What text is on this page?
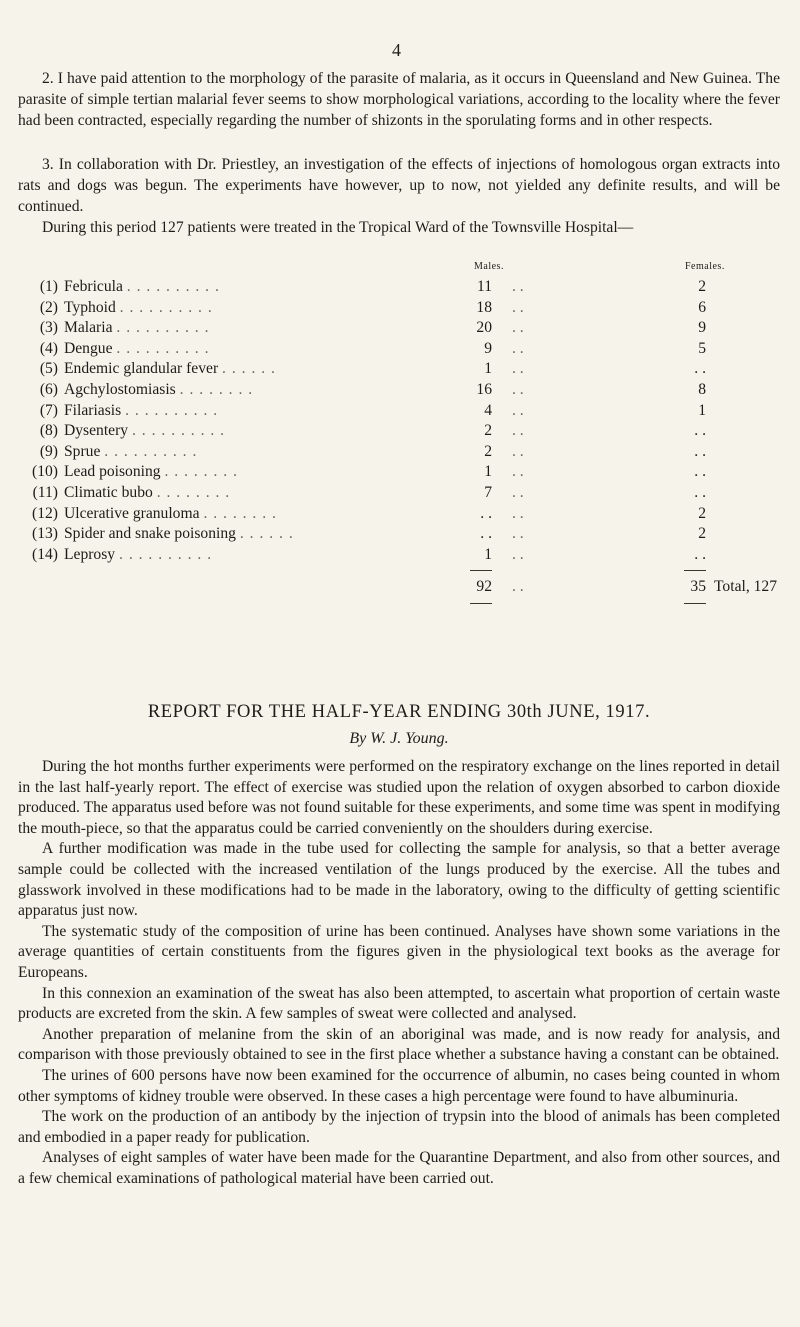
4

2. I have paid attention to the morphology of the parasite of malaria, as it occurs in Queensland and New Guinea. The parasite of simple tertian malarial fever seems to show morphological variations, according to the locality where the fever had been contracted, especially regarding the number of shizonts in the sporulating forms and in other respects.

3. In collaboration with Dr. Priestley, an investigation of the effects of injections of homologous organ extracts into rats and dogs was begun. The experiments have however, up to now, not yielded any definite results, and will be continued.

During this period 127 patients were treated in the Tropical Ward of the Townsville Hospital—

Males.	Females.
(1) Febricula . . . . . . . . . .	11 . .	2
(2) Typhoid . . . . . . . . . .	18 . .	6
(3) Malaria . . . . . . . . . .	20 . .	9
(4) Dengue . . . . . . . . . .	9 . .	5
(5) Endemic glandular fever . . . . . .	1 . .	. .
(6) Agchylostomiasis . . . . . . . .	16 . .	8
(7) Filariasis . . . . . . . . . .	4 . .	1
(8) Dysentery . . . . . . . . . .	2 . .	. .
(9) Sprue . . . . . . . . . .	2 . .	. .
(10) Lead poisoning . . . . . . . .	1 . .	. .
(11) Climatic bubo . . . . . . . .	7 . .	. .
(12) Ulcerative granuloma . . . . . . . .	. . . .	2
(13) Spider and snake poisoning . . . . . .	. . . .	2
(14) Leprosy . . . . . . . . . .	1 . .	. .
92 . .	35 Total, 127
REPORT FOR THE HALF-YEAR ENDING 30th JUNE, 1917.
By W. J. Young.

During the hot months further experiments were performed on the respiratory exchange on the lines reported in detail in the last half-yearly report. The effect of exercise was studied upon the relation of oxygen absorbed to carbon dioxide produced. The apparatus used before was not found suitable for these experiments, and some time was spent in modifying the mouth-piece, so that the apparatus could be carried conveniently on the shoulders during exercise.

A further modification was made in the tube used for collecting the sample for analysis, so that a better average sample could be collected with the increased ventilation of the lungs produced by the exercise. All the tubes and glasswork involved in these modifications had to be made in the laboratory, owing to the difficulty of getting scientific apparatus just now.

The systematic study of the composition of urine has been continued. Analyses have shown some variations in the average quantities of certain constituents from the figures given in the physiological text books as the average for Europeans.

In this connexion an examination of the sweat has also been attempted, to ascertain what proportion of certain waste products are excreted from the skin. A few samples of sweat were collected and analysed.

Another preparation of melanine from the skin of an aboriginal was made, and is now ready for analysis, and comparison with those previously obtained to see in the first place whether a substance having a constant can be obtained.

The urines of 600 persons have now been examined for the occurrence of albumin, no cases being counted in whom other symptoms of kidney trouble were observed. In these cases a high percentage were found to have albuminuria.

The work on the production of an antibody by the injection of trypsin into the blood of animals has been completed and embodied in a paper ready for publication.

Analyses of eight samples of water have been made for the Quarantine Department, and also from other sources, and a few chemical examinations of pathological material have been carried out.
